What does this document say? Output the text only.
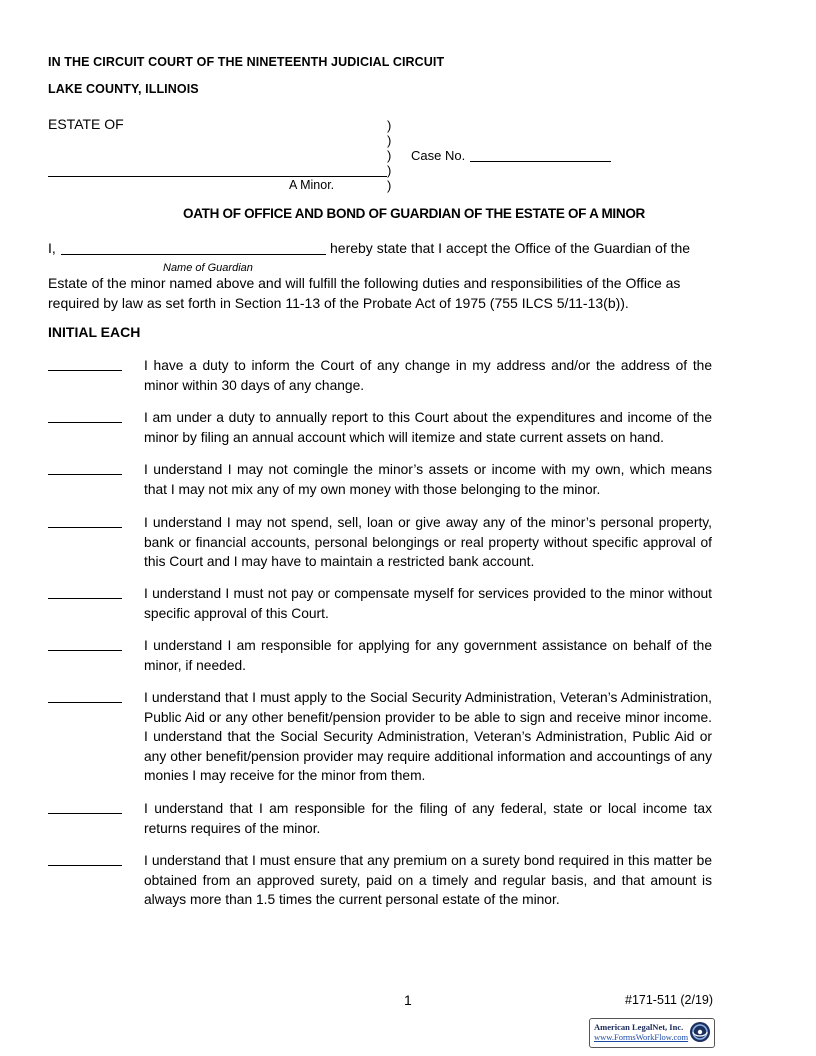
IN THE CIRCUIT COURT OF THE NINETEENTH JUDICIAL CIRCUIT
LAKE COUNTY, ILLINOIS
ESTATE OF	)
)
)
)
)
A Minor.
Case No.
OATH OF OFFICE AND BOND OF GUARDIAN OF THE ESTATE OF A MINOR
I,	hereby state that I accept the Office of the Guardian of the
Name of Guardian
Estate of the minor named above and will fulfill the following duties and responsibilities of the Office as required by law as set forth in Section 11-13 of the Probate Act of 1975 (755 ILCS 5/11-13(b)).
INITIAL EACH
I have a duty to inform the Court of any change in my address and/or the address of the minor within 30 days of any change.
I am under a duty to annually report to this Court about the expenditures and income of the minor by filing an annual account which will itemize and state current assets on hand.
I understand I may not comingle the minor’s assets or income with my own, which means that I may not mix any of my own money with those belonging to the minor.
I understand I may not spend, sell, loan or give away any of the minor’s personal property, bank or financial accounts, personal belongings or real property without specific approval of this Court and I may have to maintain a restricted bank account.
I understand I must not pay or compensate myself for services provided to the minor without specific approval of this Court.
I understand I am responsible for applying for any government assistance on behalf of the minor, if needed.
I understand that I must apply to the Social Security Administration, Veteran’s Administration, Public Aid or any other benefit/pension provider to be able to sign and receive minor income. I understand that the Social Security Administration, Veteran’s Administration, Public Aid or any other benefit/pension provider may require additional information and accountings of any monies I may receive for the minor from them.
I understand that I am responsible for the filing of any federal, state or local income tax returns requires of the minor.
I understand that I must ensure that any premium on a surety bond required in this matter be obtained from an approved surety, paid on a timely and regular basis, and that amount is always more than 1.5 times the current personal estate of the minor.
1	#171-511 (2/19)
American LegalNet, Inc.
www.FormsWorkFlow.com
